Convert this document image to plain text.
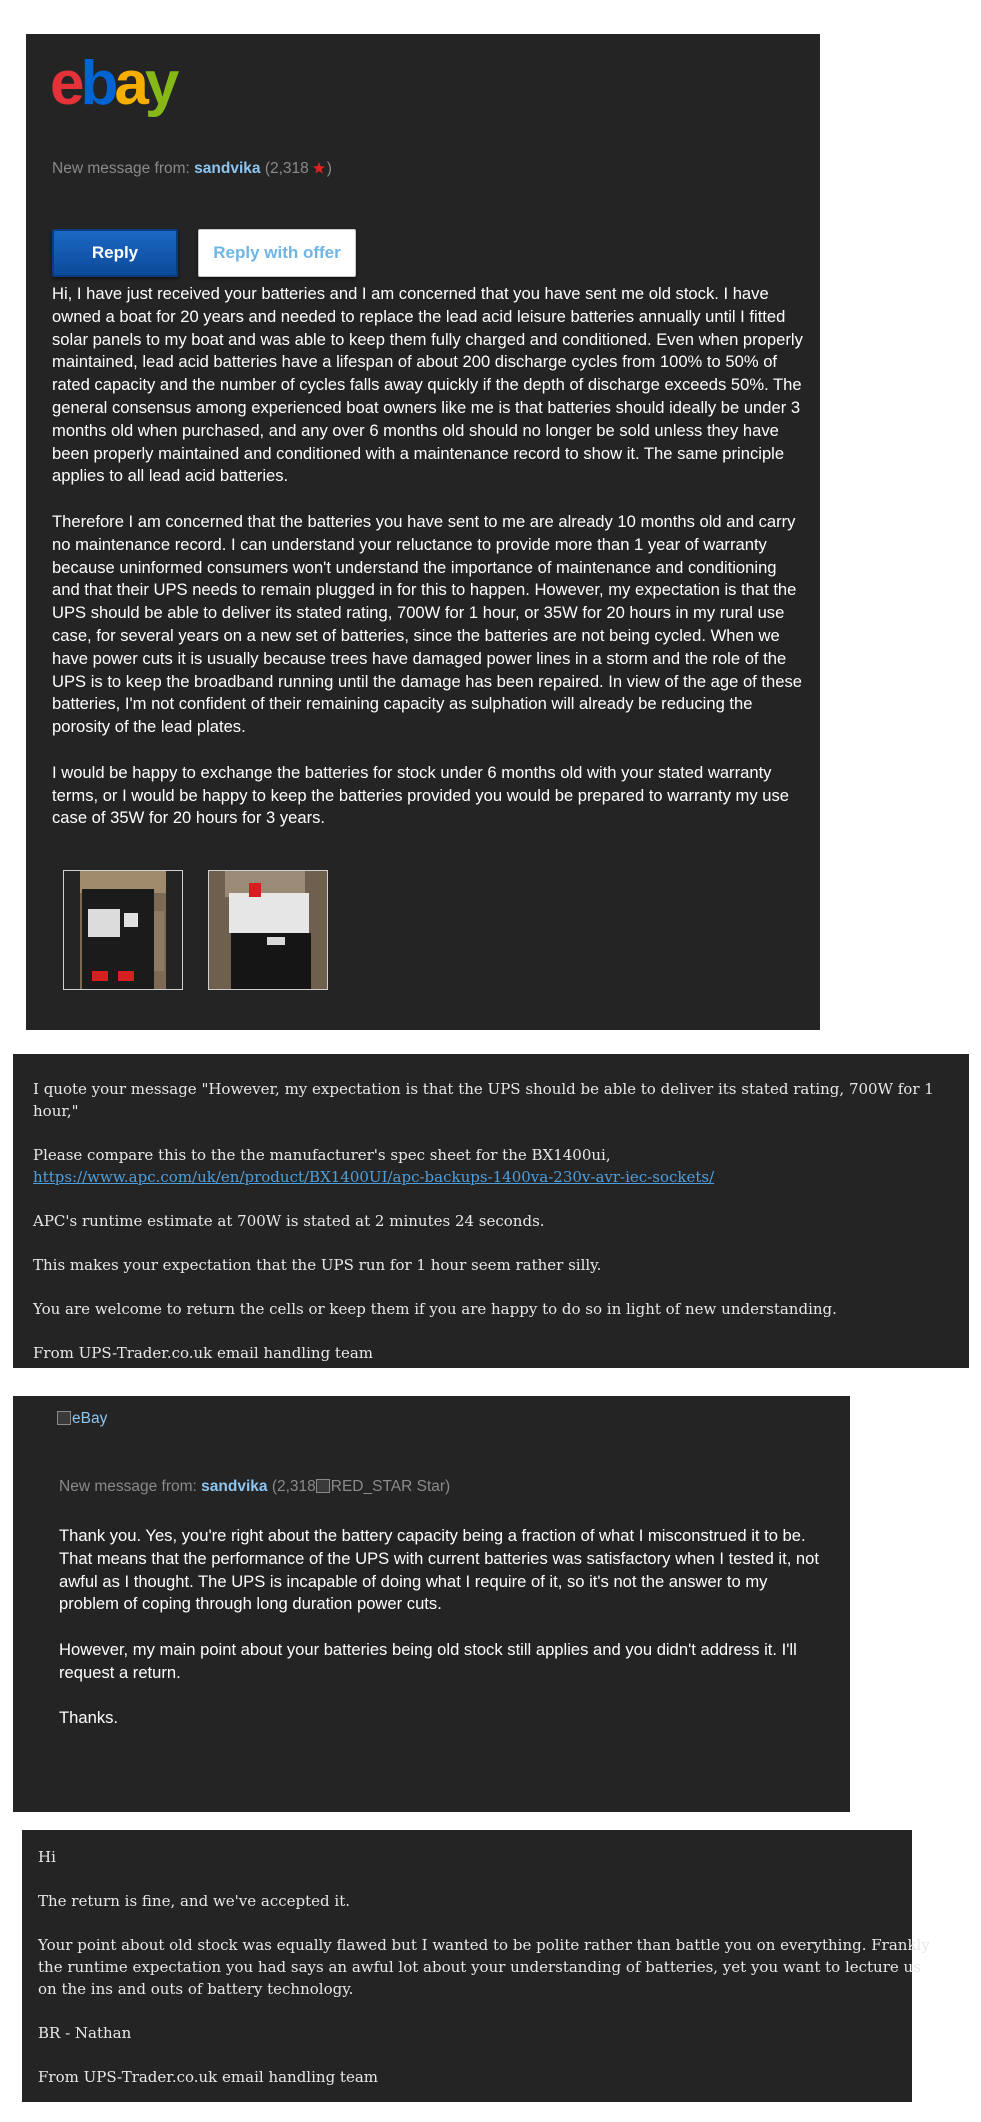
ebay
New message from: sandvika (2,318 )
Reply	Reply with offer

Hi, I have just received your batteries and I am concerned that you have sent me old stock. I have owned a boat for 20 years and needed to replace the lead acid leisure batteries annually until I fitted solar panels to my boat and was able to keep them fully charged and conditioned. Even when properly maintained, lead acid batteries have a lifespan of about 200 discharge cycles from 100% to 50% of rated capacity and the number of cycles falls away quickly if the depth of discharge exceeds 50%. The general consensus among experienced boat owners like me is that batteries should ideally be under 3 months old when purchased, and any over 6 months old should no longer be sold unless they have been properly maintained and conditioned with a maintenance record to show it. The same principle applies to all lead acid batteries.

Therefore I am concerned that the batteries you have sent to me are already 10 months old and carry no maintenance record. I can understand your reluctance to provide more than 1 year of warranty because uninformed consumers won't understand the importance of maintenance and conditioning and that their UPS needs to remain plugged in for this to happen. However, my expectation is that the UPS should be able to deliver its stated rating, 700W for 1 hour, or 35W for 20 hours in my rural use case, for several years on a new set of batteries, since the batteries are not being cycled. When we have power cuts it is usually because trees have damaged power lines in a storm and the role of the UPS is to keep the broadband running until the damage has been repaired. In view of the age of these batteries, I'm not confident of their remaining capacity as sulphation will already be reducing the porosity of the lead plates.

I would be happy to exchange the batteries for stock under 6 months old with your stated warranty terms, or I would be happy to keep the batteries provided you would be prepared to warranty my use case of 35W for 20 hours for 3 years.

I quote your message "However, my expectation is that the UPS should be able to deliver its stated rating, 700W for 1 hour,"

Please compare this to the the manufacturer's spec sheet for the BX1400ui,
https://www.apc.com/uk/en/product/BX1400UI/apc-backups-1400va-230v-avr-iec-sockets/

APC's runtime estimate at 700W is stated at 2 minutes 24 seconds.

This makes your expectation that the UPS run for 1 hour seem rather silly.

You are welcome to return the cells or keep them if you are happy to do so in light of new understanding.

From UPS-Trader.co.uk email handling team

eBay
New message from: sandvika (2,318 RED_STAR Star)

Thank you. Yes, you're right about the battery capacity being a fraction of what I misconstrued it to be. That means that the performance of the UPS with current batteries was satisfactory when I tested it, not awful as I thought. The UPS is incapable of doing what I require of it, so it's not the answer to my problem of coping through long duration power cuts.

However, my main point about your batteries being old stock still applies and you didn't address it. I'll request a return.

Thanks.

Hi

The return is fine, and we've accepted it.

Your point about old stock was equally flawed but I wanted to be polite rather than battle you on everything. Frankly the runtime expectation you had says an awful lot about your understanding of batteries, yet you want to lecture us on the ins and outs of battery technology.

BR - Nathan

From UPS-Trader.co.uk email handling team
